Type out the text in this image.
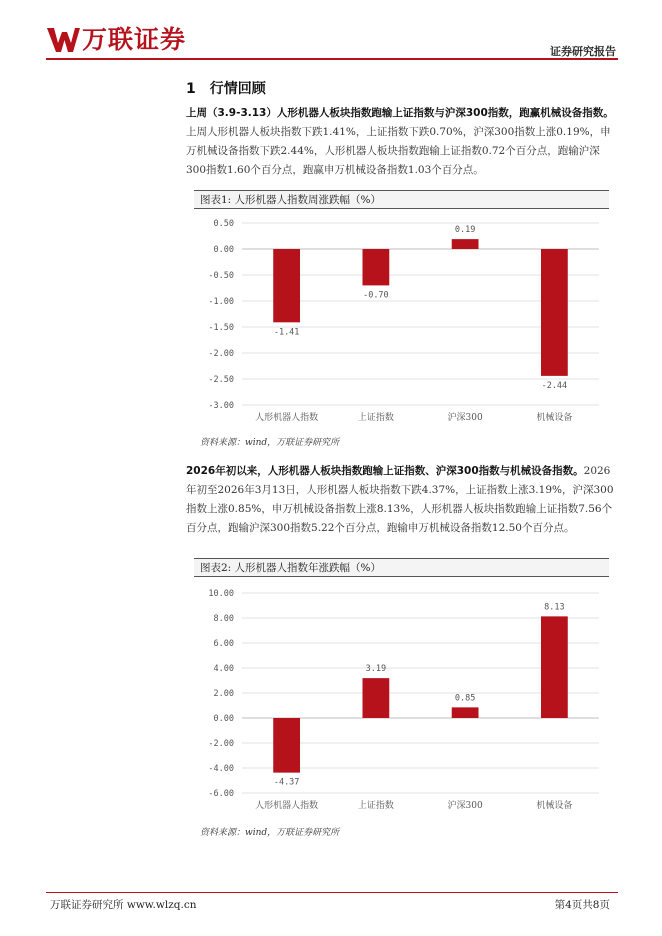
万联证券	证券研究报告
1 行情回顾
上周（3.9-3.13）人形机器人板块指数跑输上证指数与沪深300指数，跑赢机械设备指数。上周人形机器人板块指数下跌1.41%，上证指数下跌0.70%，沪深300指数上涨0.19%，申万机械设备指数下跌2.44%，人形机器人板块指数跑输上证指数0.72个百分点，跑输沪深300指数1.60个百分点，跑赢申万机械设备指数1.03个百分点。
图表1: 人形机器人指数周涨跌幅（%）
0.50
0.00
-0.50
-1.00
-1.50
-2.00
-2.50
-3.00
-1.41
人形机器人指数
-0.70
上证指数
0.19
沪深300
-2.44
机械设备
资料来源：wind，万联证券研究所
2026年初以来，人形机器人板块指数跑输上证指数、沪深300指数与机械设备指数。2026年初至2026年3月13日，人形机器人板块指数下跌4.37%，上证指数上涨3.19%，沪深300指数上涨0.85%，申万机械设备指数上涨8.13%，人形机器人板块指数跑输上证指数7.56个百分点，跑输沪深300指数5.22个百分点，跑输申万机械设备指数12.50个百分点。
图表2: 人形机器人指数年涨跌幅（%）
10.00
8.00
6.00
4.00
2.00
0.00
-2.00
-4.00
-6.00
-4.37
人形机器人指数
3.19
上证指数
0.85
沪深300
8.13
机械设备
资料来源：wind，万联证券研究所
万联证券研究所 www.wlzq.cn	第4页共8页
